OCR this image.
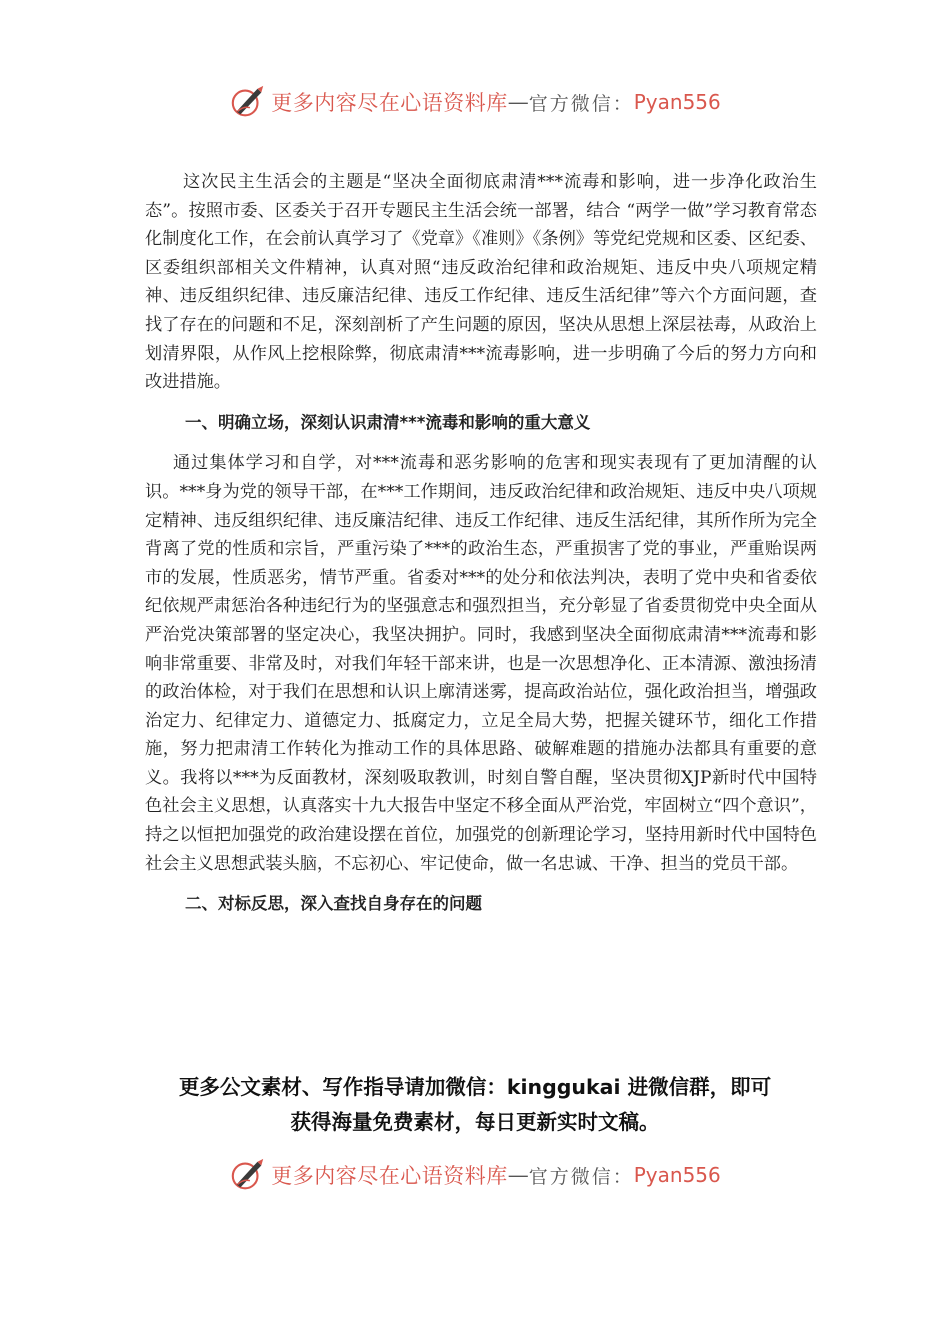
更多内容尽在心语资料库 — 官方微信： Pyan556

这次民主生活会的主题是“坚决全面彻底肃清***流毒和影响，进一步净化政治生态”。按照市委、区委关于召开专题民主生活会统一部署，结合 “两学一做”学习教育常态化制度化工作，在会前认真学习了《党章》《准则》《条例》等党纪党规和区委、区纪委、区委组织部相关文件精神，认真对照“违反政治纪律和政治规矩、违反中央八项规定精神、违反组织纪律、违反廉洁纪律、违反工作纪律、违反生活纪律”等六个方面问题，查找了存在的问题和不足，深刻剖析了产生问题的原因，坚决从思想上深层祛毒，从政治上划清界限，从作风上挖根除弊，彻底肃清***流毒影响，进一步明确了今后的努力方向和改进措施。

一、明确立场，深刻认识肃清***流毒和影响的重大意义

通过集体学习和自学，对***流毒和恶劣影响的危害和现实表现有了更加清醒的认识。***身为党的领导干部，在***工作期间，违反政治纪律和政治规矩、违反中央八项规定精神、违反组织纪律、违反廉洁纪律、违反工作纪律、违反生活纪律，其所作所为完全背离了党的性质和宗旨，严重污染了***的政治生态，严重损害了党的事业，严重贻误两市的发展，性质恶劣，情节严重。省委对***的处分和依法判决，表明了党中央和省委依纪依规严肃惩治各种违纪行为的坚强意志和强烈担当，充分彰显了省委贯彻党中央全面从严治党决策部署的坚定决心，我坚决拥护。同时，我感到坚决全面彻底肃清***流毒和影响非常重要、非常及时，对我们年轻干部来讲，也是一次思想净化、正本清源、激浊扬清的政治体检，对于我们在思想和认识上廓清迷雾，提高政治站位，强化政治担当，增强政治定力、纪律定力、道德定力、抵腐定力，立足全局大势，把握关键环节，细化工作措施，努力把肃清工作转化为推动工作的具体思路、破解难题的措施办法都具有重要的意义。我将以***为反面教材，深刻吸取教训，时刻自警自醒，坚决贯彻XJP新时代中国特色社会主义思想，认真落实十九大报告中坚定不移全面从严治党，牢固树立“四个意识”，持之以恒把加强党的政治建设摆在首位，加强党的创新理论学习，坚持用新时代中国特色社会主义思想武装头脑，不忘初心、牢记使命，做一名忠诚、干净、担当的党员干部。

二、对标反思，深入查找自身存在的问题

更多公文素材、写作指导请加微信：kinggukai 进微信群，即可
获得海量免费素材，每日更新实时文稿。
更多内容尽在心语资料库 — 官方微信： Pyan556
